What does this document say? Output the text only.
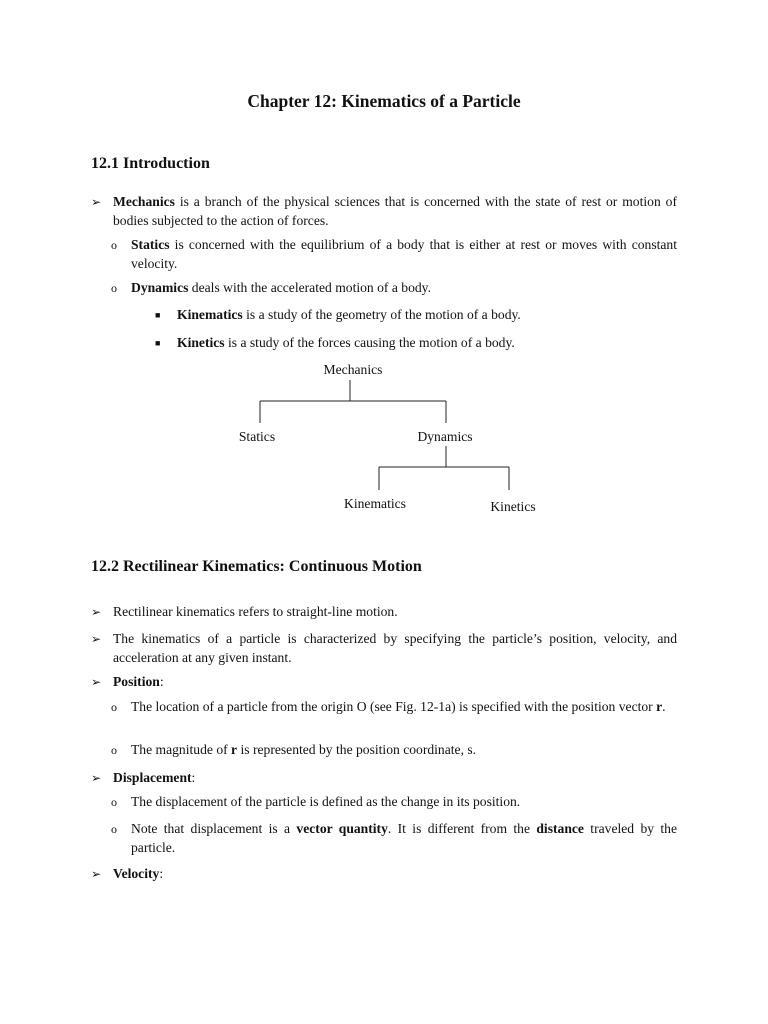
Chapter 12: Kinematics of a Particle
12.1 Introduction
➢ Mechanics is a branch of the physical sciences that is concerned with the state of rest or motion of bodies subjected to the action of forces.

o Statics is concerned with the equilibrium of a body that is either at rest or moves with constant velocity.

o Dynamics deals with the accelerated motion of a body.

■ Kinematics is a study of the geometry of the motion of a body.

■ Kinetics is a study of the forces causing the motion of a body.

Mechanics
Statics	Dynamics
Kinematics	Kinetics
12.2 Rectilinear Kinematics: Continuous Motion
➢ Rectilinear kinematics refers to straight-line motion.

➢ The kinematics of a particle is characterized by specifying the particle’s position, velocity, and acceleration at any given instant.

➢ Position:

o The location of a particle from the origin O (see Fig. 12-1a) is specified with the position vector r.

o The magnitude of r is represented by the position coordinate, s.

➢ Displacement:

o The displacement of the particle is defined as the change in its position.

o Note that displacement is a vector quantity. It is different from the distance traveled by the particle.

➢ Velocity:
